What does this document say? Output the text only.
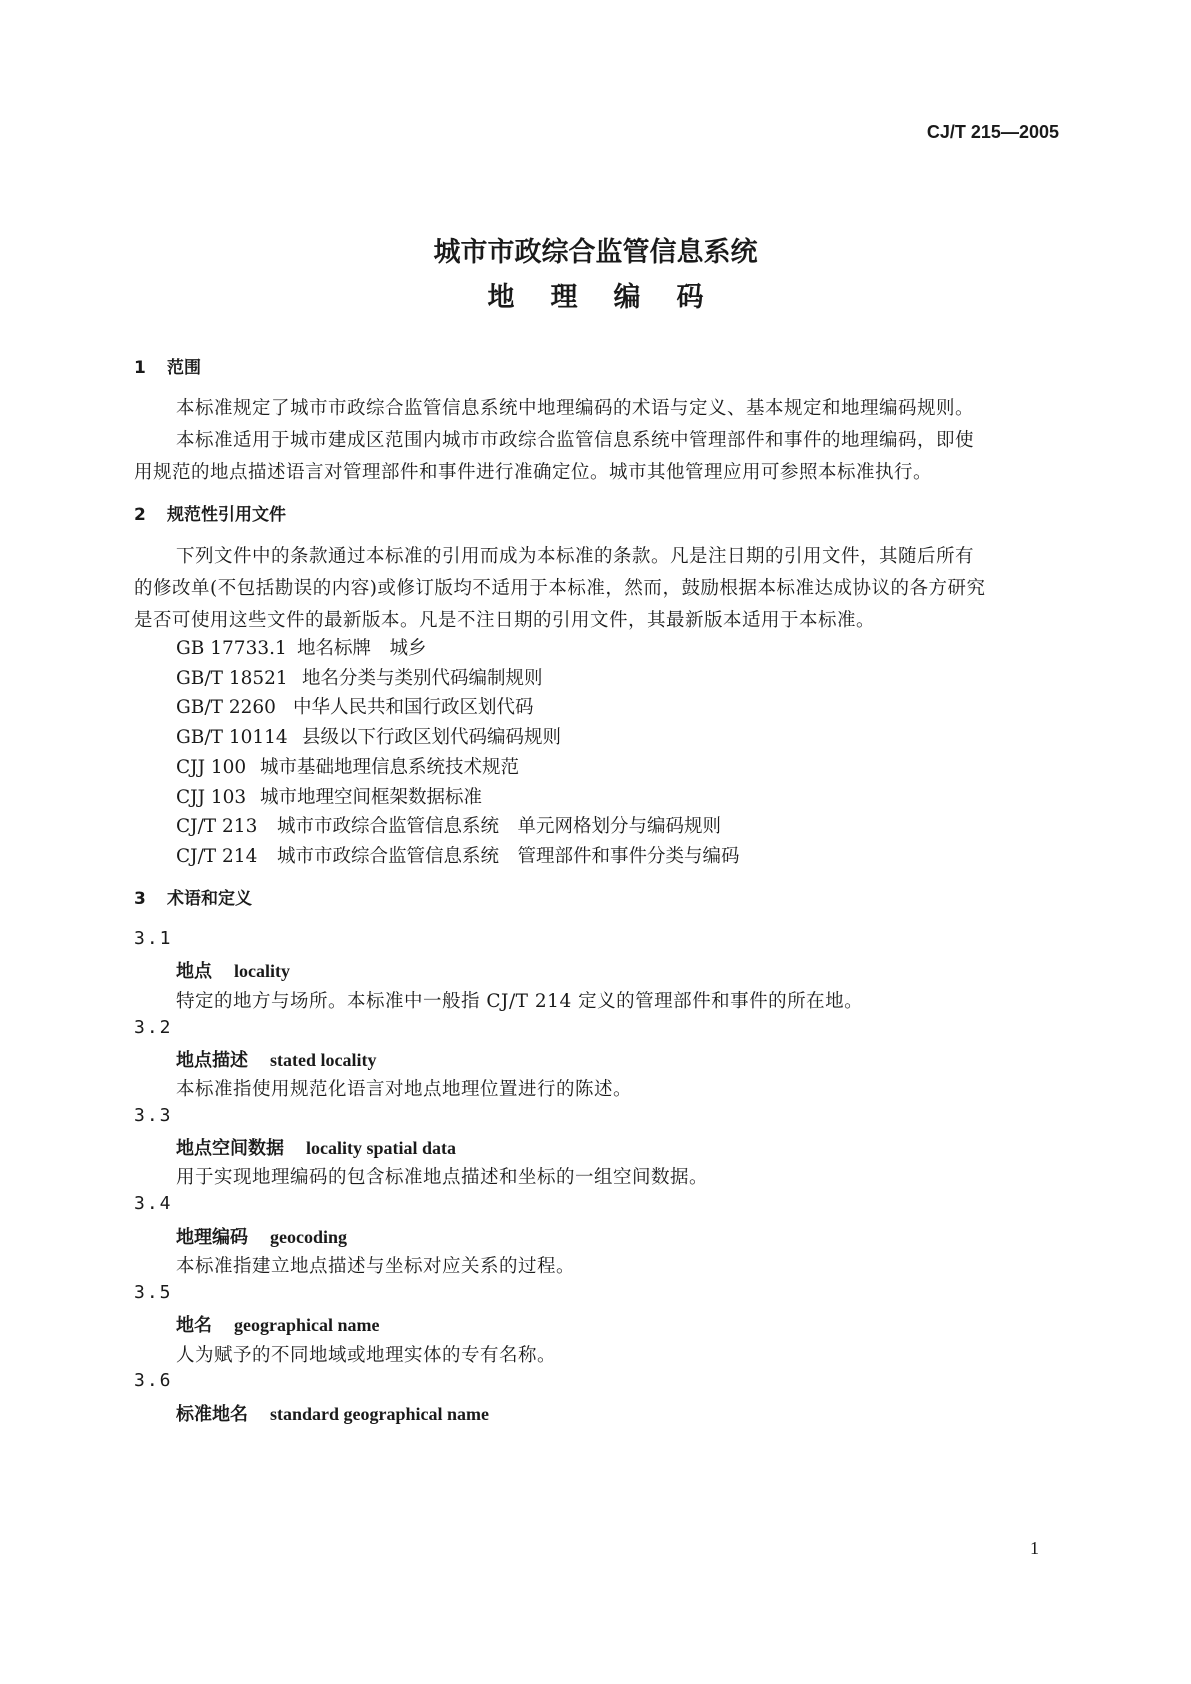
CJ/T 215—2005
城市市政综合监管信息系统
地理编码
1 范围
本标准规定了城市市政综合监管信息系统中地理编码的术语与定义、基本规定和地理编码规则。
本标准适用于城市建成区范围内城市市政综合监管信息系统中管理部件和事件的地理编码，即使
用规范的地点描述语言对管理部件和事件进行准确定位。城市其他管理应用可参照本标准执行。
2 规范性引用文件
下列文件中的条款通过本标准的引用而成为本标准的条款。凡是注日期的引用文件，其随后所有
的修改单(不包括勘误的内容)或修订版均不适用于本标准，然而，鼓励根据本标准达成协议的各方研究
是否可使用这些文件的最新版本。凡是不注日期的引用文件，其最新版本适用于本标准。
GB 17733.1 地名标牌　城乡
GB/T 18521 地名分类与类别代码编制规则
GB/T 2260 中华人民共和国行政区划代码
GB/T 10114 县级以下行政区划代码编码规则
CJJ 100 城市基础地理信息系统技术规范
CJJ 103 城市地理空间框架数据标准
CJ/T 213 城市市政综合监管信息系统　单元网格划分与编码规则
CJ/T 214 城市市政综合监管信息系统　管理部件和事件分类与编码
3 术语和定义
3.1
地点 locality
特定的地方与场所。本标准中一般指 CJ/T 214 定义的管理部件和事件的所在地。
3.2
地点描述 stated locality
本标准指使用规范化语言对地点地理位置进行的陈述。
3.3
地点空间数据 locality spatial data
用于实现地理编码的包含标准地点描述和坐标的一组空间数据。
3.4
地理编码 geocoding
本标准指建立地点描述与坐标对应关系的过程。
3.5
地名 geographical name
人为赋予的不同地域或地理实体的专有名称。
3.6
标准地名 standard geographical name
1
